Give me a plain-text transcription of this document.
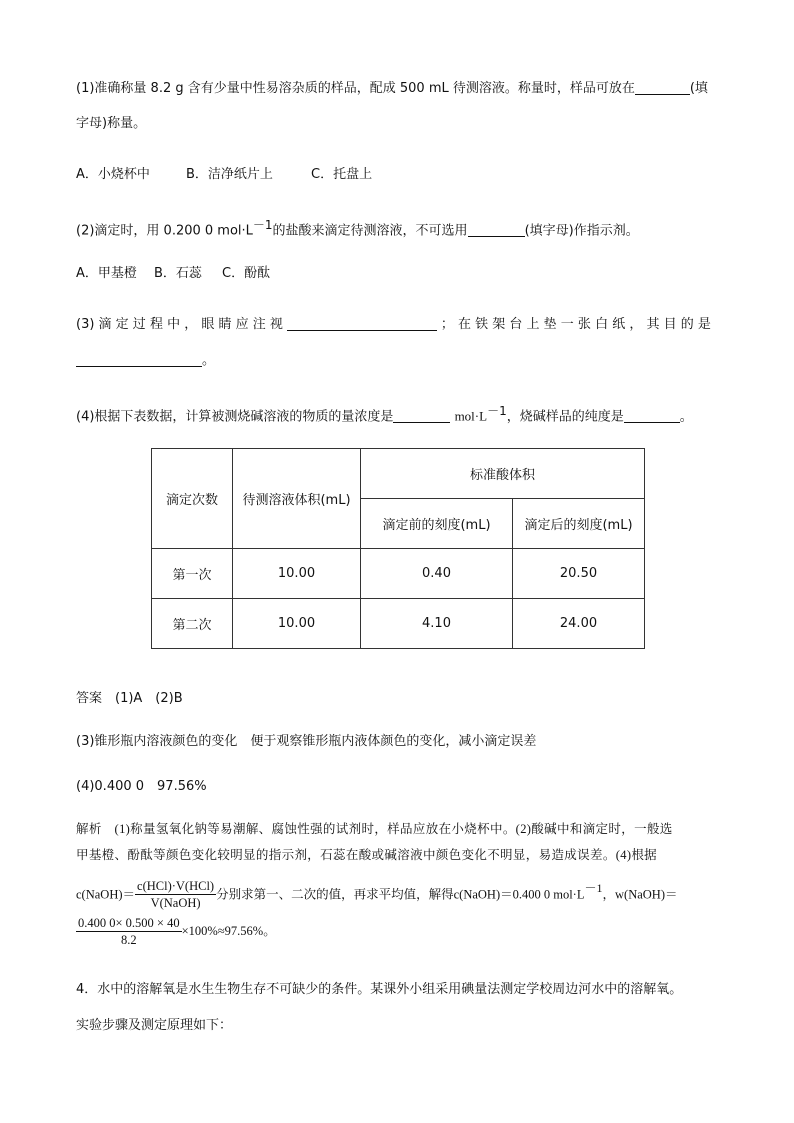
(1)准确称量 8.2 g 含有少量中性易溶杂质的样品，配成 500 mL 待测溶液。称量时，样品可放在	(填
字母)称量。
A．小烧杯中	B．洁净纸片上	C．托盘上
(2)滴定时，用 0.200 0 $mol\cdot L^{-1}$的盐酸来滴定待测溶液，不可选用	(填字母)作指示剂。
A．甲基橙 B．石蕊 C．酚酞
(3) 滴 定 过 程 中 ， 眼 睛 应 注 视	； 在 铁 架 台 上 垫 一 张 白 纸 ， 其 目 的 是
。
(4)根据下表数据，计算被测烧碱溶液的物质的量浓度是	$mol\cdot L^{-1}$，烧碱样品的纯度是	。
滴定次数	待测溶液体积(mL)	标准酸体积	
		滴定前的刻度(mL)	滴定后的刻度(mL)
第一次	10.00	0.40	20.50
第二次	10.00	4.10	24.00
答案　(1)A　(2)B
(3)锥形瓶内溶液颜色的变化　便于观察锥形瓶内液体颜色的变化，减小滴定误差
(4)0.400 0　97.56%
解析　(1)称量氢氧化钠等易潮解、腐蚀性强的试剂时，样品应放在小烧杯中。(2)酸碱中和滴定时，一般选
甲基橙、酚酞等颜色变化较明显的指示剂，石蕊在酸或碱溶液中颜色变化不明显，易造成误差。(4)根据
c(NaOH)＝ $\frac{\text{c(HCl)·V(HCl)}}{\text{V(NaOH)}}$ 分别求第一、二次的值，再求平均值，解得c(NaOH)＝0.400 0 $mol\cdot L^{-1}$，w(NaOH)＝
$\frac{0.400 0\times 0.500 \times 40}{8.2} \times 100\%\approx 97.56\%$。
4．水中的溶解氧是水生生物生存不可缺少的条件。某课外小组采用碘量法测定学校周边河水中的溶解氧。
实验步骤及测定原理如下：
